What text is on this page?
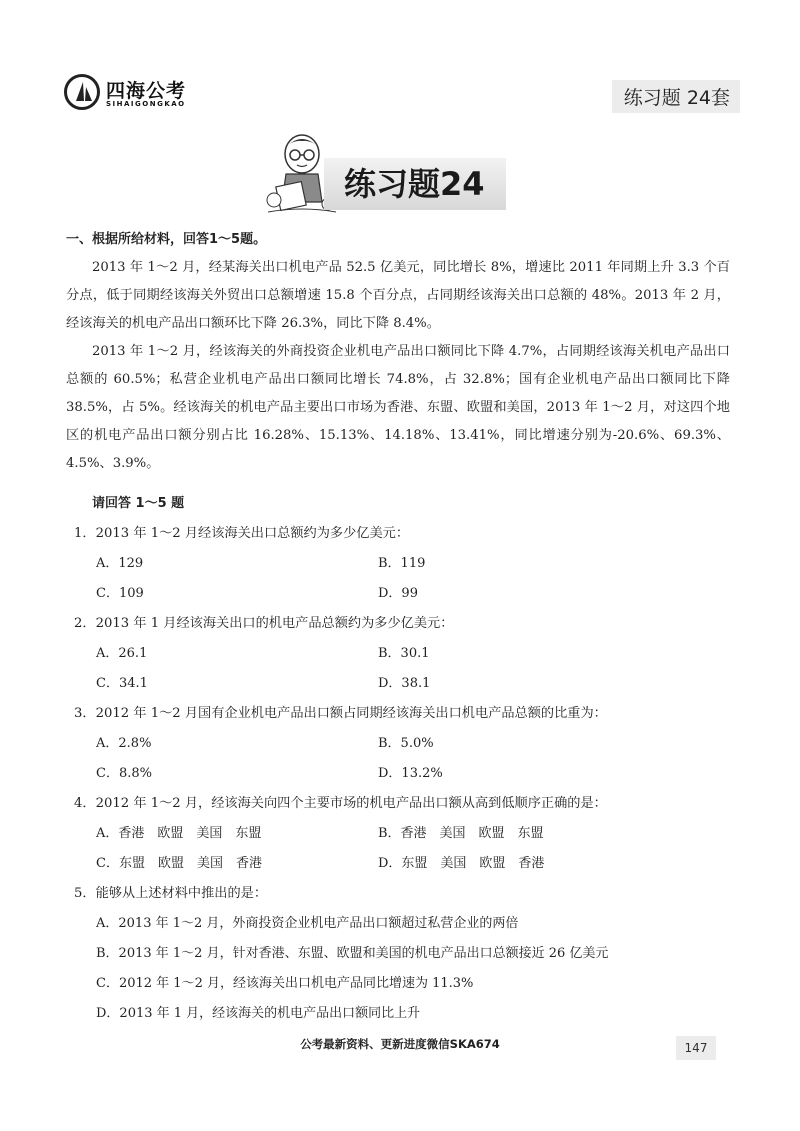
四海公考
SIHAIGONGKAO	练习题 24套
练习题24
一、根据所给材料，回答1～5题。
2013 年 1～2 月，经某海关出口机电产品 52.5 亿美元，同比增长 8%，增速比 2011 年同期上升 3.3 个百分点，低于同期经该海关外贸出口总额增速 15.8 个百分点，占同期经该海关出口总额的 48%。2013 年 2 月，经该海关的机电产品出口额环比下降 26.3%，同比下降 8.4%。
2013 年 1～2 月，经该海关的外商投资企业机电产品出口额同比下降 4.7%，占同期经该海关机电产品出口总额的 60.5%；私营企业机电产品出口额同比增长 74.8%，占 32.8%；国有企业机电产品出口额同比下降 38.5%，占 5%。经该海关的机电产品主要出口市场为香港、东盟、欧盟和美国，2013 年 1～2 月，对这四个地区的机电产品出口额分别占比 16.28%、15.13%、14.18%、13.41%，同比增速分别为-20.6%、69.3%、4.5%、3.9%。
请回答 1～5 题
1．2013 年 1～2 月经该海关出口总额约为多少亿美元：
A．129	B．119
C．109	D．99
2．2013 年 1 月经该海关出口的机电产品总额约为多少亿美元：
A．26.1	B．30.1
C．34.1	D．38.1
3．2012 年 1～2 月国有企业机电产品出口额占同期经该海关出口机电产品总额的比重为：
A．2.8%	B．5.0%
C．8.8%	D．13.2%
4．2012 年 1～2 月，经该海关向四个主要市场的机电产品出口额从高到低顺序正确的是：
A．香港　欧盟　美国　东盟	B．香港　美国　欧盟　东盟
C．东盟　欧盟　美国　香港	D．东盟　美国　欧盟　香港
5．能够从上述材料中推出的是：
A．2013 年 1～2 月，外商投资企业机电产品出口额超过私营企业的两倍
B．2013 年 1～2 月，针对香港、东盟、欧盟和美国的机电产品出口总额接近 26 亿美元
C．2012 年 1～2 月，经该海关出口机电产品同比增速为 11.3%
D．2013 年 1 月，经该海关的机电产品出口额同比上升
公考最新资料、更新进度微信SKA674	147
